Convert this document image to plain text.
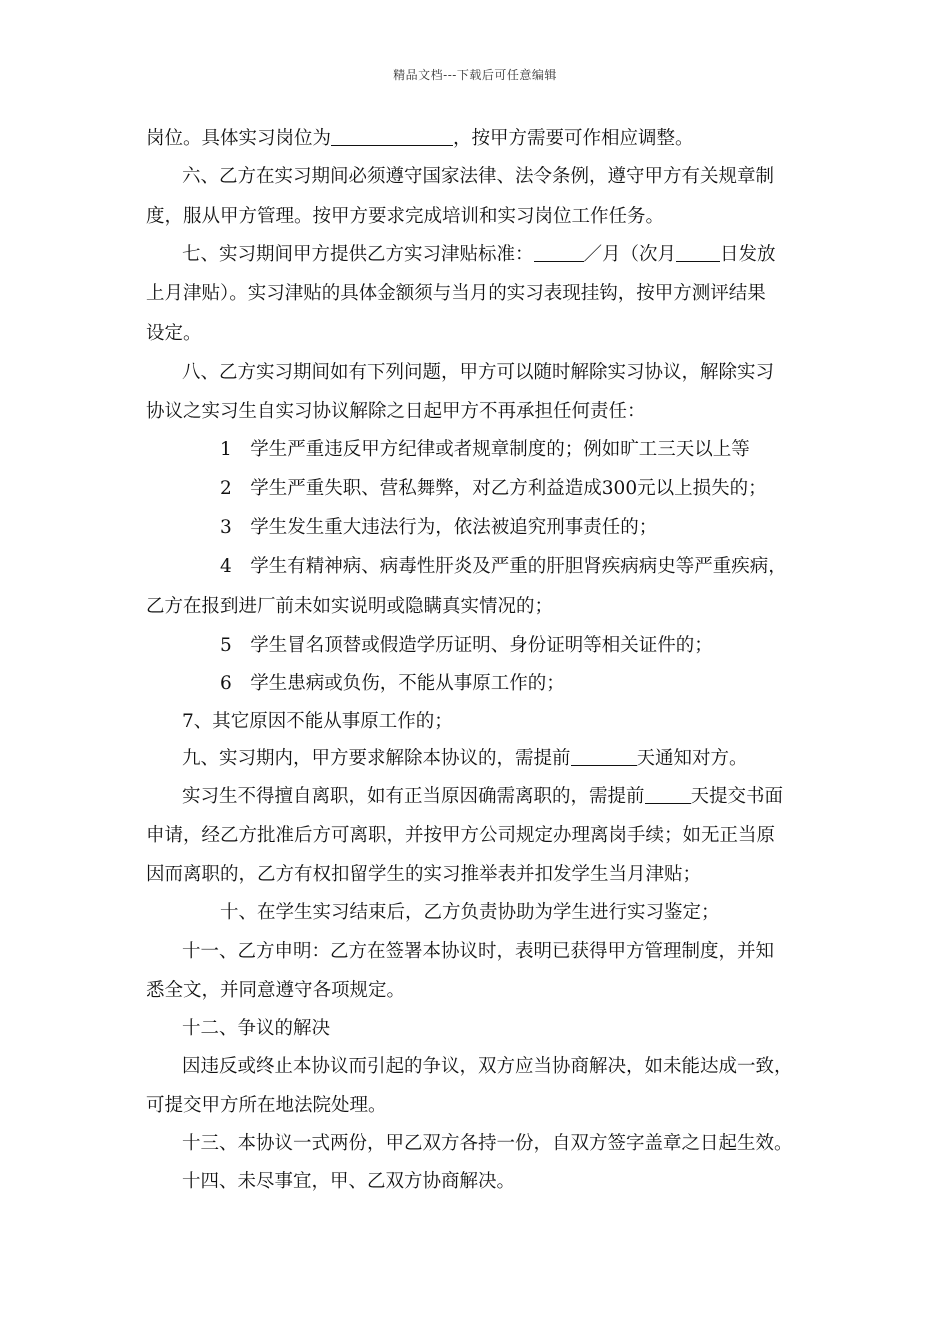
精品文档---下载后可任意编辑
岗位。具体实习岗位为	，按甲方需要可作相应调整。
六、乙方在实习期间必须遵守国家法律、法令条例，遵守甲方有关规章制
度，服从甲方管理。按甲方要求完成培训和实习岗位工作任务。
七、实习期间甲方提供乙方实习津贴标准：	／月（次月 日发放
上月津贴）。实习津贴的具体金额须与当月的实习表现挂钩，按甲方测评结果
设定。
八、乙方实习期间如有下列问题，甲方可以随时解除实习协议，解除实习
协议之实习生自实习协议解除之日起甲方不再承担任何责任：
1　学生严重违反甲方纪律或者规章制度的；例如旷工三天以上等
2　学生严重失职、营私舞弊，对乙方利益造成300元以上损失的；
3　学生发生重大违法行为，依法被追究刑事责任的；
4　学生有精神病、病毒性肝炎及严重的肝胆肾疾病病史等严重疾病，
乙方在报到进厂前未如实说明或隐瞒真实情况的；
5　学生冒名顶替或假造学历证明、身份证明等相关证件的；
6　学生患病或负伤，不能从事原工作的；
7、其它原因不能从事原工作的；
九、实习期内，甲方要求解除本协议的，需提前	天通知对方。
实习生不得擅自离职，如有正当原因确需离职的，需提前 天提交书面
申请，经乙方批准后方可离职，并按甲方公司规定办理离岗手续；如无正当原
因而离职的，乙方有权扣留学生的实习推举表并扣发学生当月津贴；
十、在学生实习结束后，乙方负责协助为学生进行实习鉴定；
十一、乙方申明：乙方在签署本协议时，表明已获得甲方管理制度，并知
悉全文，并同意遵守各项规定。
十二、争议的解决
因违反或终止本协议而引起的争议，双方应当协商解决，如未能达成一致，
可提交甲方所在地法院处理。
十三、本协议一式两份，甲乙双方各持一份，自双方签字盖章之日起生效。
十四、未尽事宜，甲、乙双方协商解决。
